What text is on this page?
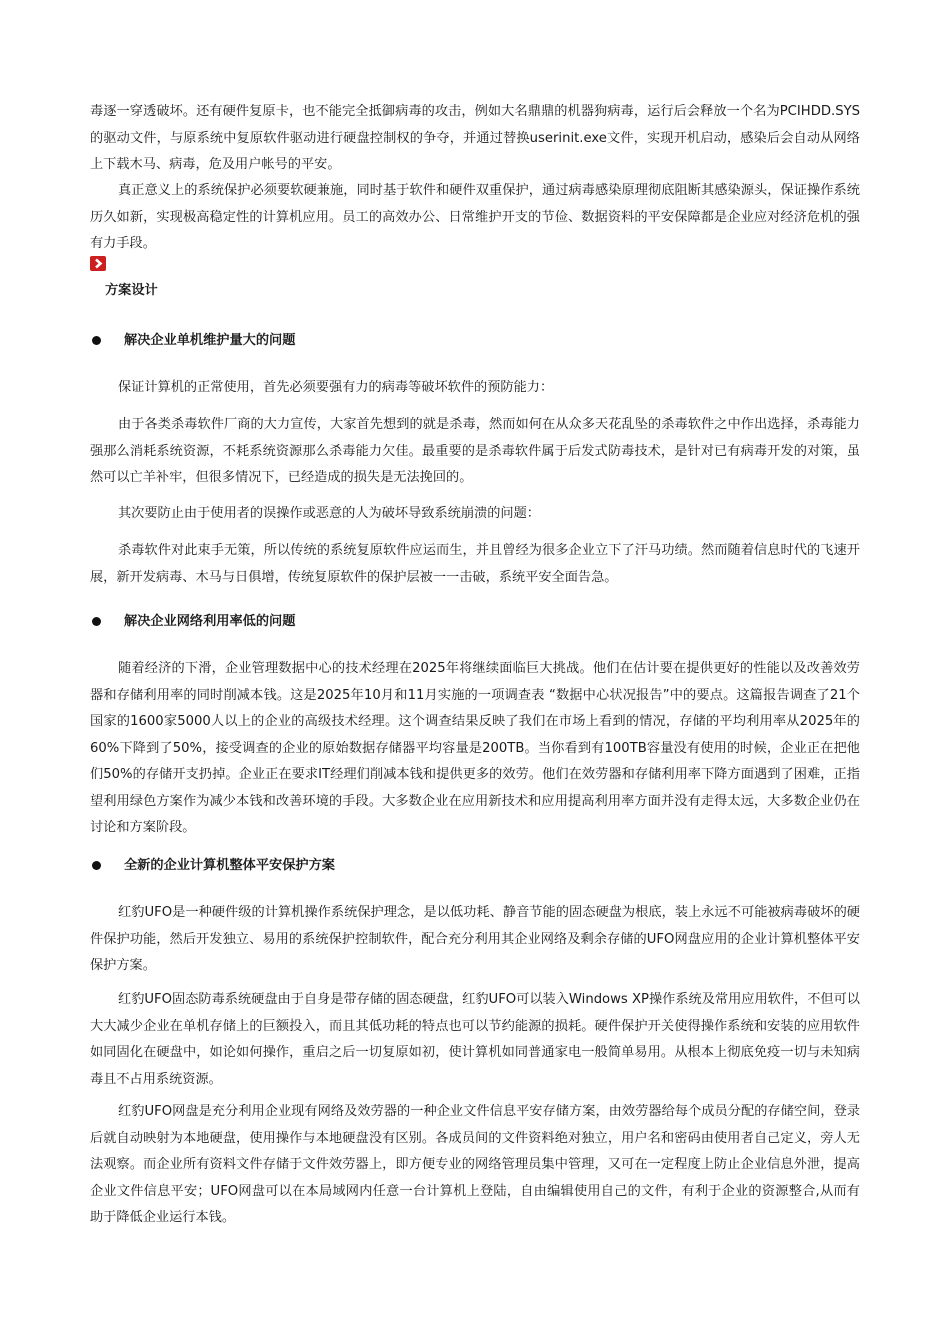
毒逐一穿透破坏。还有硬件复原卡，也不能完全抵御病毒的攻击，例如大名鼎鼎的机器狗病毒，运行后会释放一个名为PCIHDD.SYS的驱动文件，与原系统中复原软件驱动进行硬盘控制权的争夺，并通过替换userinit.exe文件，实现开机启动，感染后会自动从网络上下载木马、病毒，危及用户帐号的平安。

真正意义上的系统保护必须要软硬兼施，同时基于软件和硬件双重保护，通过病毒感染原理彻底阻断其感染源头，保证操作系统历久如新，实现极高稳定性的计算机应用。员工的高效办公、日常维护开支的节俭、数据资料的平安保障都是企业应对经济危机的强有力手段。

方案设计
解决企业单机维护量大的问题

保证计算机的正常使用，首先必须要强有力的病毒等破坏软件的预防能力：

由于各类杀毒软件厂商的大力宣传，大家首先想到的就是杀毒，然而如何在从众多天花乱坠的杀毒软件之中作出选择，杀毒能力强那么消耗系统资源，不耗系统资源那么杀毒能力欠佳。最重要的是杀毒软件属于后发式防毒技术，是针对已有病毒开发的对策，虽然可以亡羊补牢，但很多情况下，已经造成的损失是无法挽回的。

其次要防止由于使用者的误操作或恶意的人为破坏导致系统崩溃的问题：

杀毒软件对此束手无策，所以传统的系统复原软件应运而生，并且曾经为很多企业立下了汗马功绩。然而随着信息时代的飞速开展，新开发病毒、木马与日俱增，传统复原软件的保护层被一一击破，系统平安全面告急。

解决企业网络利用率低的问题

随着经济的下滑，企业管理数据中心的技术经理在2025年将继续面临巨大挑战。他们在估计要在提供更好的性能以及改善效劳器和存储利用率的同时削减本钱。这是2025年10月和11月实施的一项调查表 “数据中心状况报告”中的要点。这篇报告调查了21个国家的1600家5000人以上的企业的高级技术经理。这个调查结果反映了我们在市场上看到的情况，存储的平均利用率从2025年的60%下降到了50%，接受调查的企业的原始数据存储器平均容量是200TB。当你看到有100TB容量没有使用的时候，企业正在把他们50%的存储开支扔掉。企业正在要求IT经理们削减本钱和提供更多的效劳。他们在效劳器和存储利用率下降方面遇到了困难，正指望利用绿色方案作为减少本钱和改善环境的手段。大多数企业在应用新技术和应用提高利用率方面并没有走得太远，大多数企业仍在讨论和方案阶段。

全新的企业计算机整体平安保护方案

红豹UFO是一种硬件级的计算机操作系统保护理念，是以低功耗、静音节能的固态硬盘为根底，装上永远不可能被病毒破坏的硬件保护功能，然后开发独立、易用的系统保护控制软件，配合充分利用其企业网络及剩余存储的UFO网盘应用的企业计算机整体平安保护方案。

红豹UFO固态防毒系统硬盘由于自身是带存储的固态硬盘，红豹UFO可以装入Windows XP操作系统及常用应用软件，不但可以大大减少企业在单机存储上的巨额投入，而且其低功耗的特点也可以节约能源的损耗。硬件保护开关使得操作系统和安装的应用软件如同固化在硬盘中，如论如何操作，重启之后一切复原如初，使计算机如同普通家电一般简单易用。从根本上彻底免疫一切与未知病毒且不占用系统资源。

红豹UFO网盘是充分利用企业现有网络及效劳器的一种企业文件信息平安存储方案，由效劳器给每个成员分配的存储空间，登录后就自动映射为本地硬盘，使用操作与本地硬盘没有区别。各成员间的文件资料绝对独立，用户名和密码由使用者自己定义，旁人无法观察。而企业所有资料文件存储于文件效劳器上，即方便专业的网络管理员集中管理，又可在一定程度上防止企业信息外泄，提高企业文件信息平安；UFO网盘可以在本局域网内任意一台计算机上登陆，自由编辑使用自己的文件，有利于企业的资源整合,从而有助于降低企业运行本钱。
